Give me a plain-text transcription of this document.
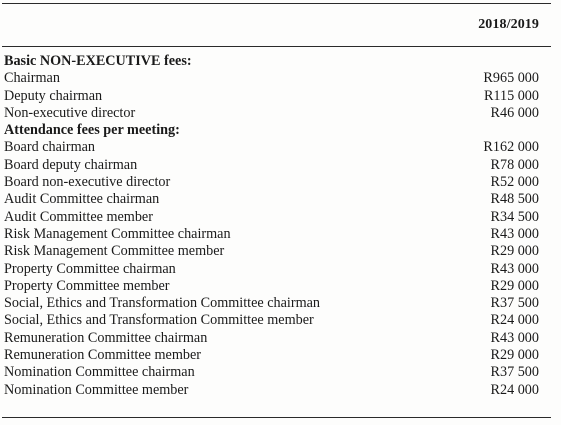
2018/2019
Basic NON-EXECUTIVE fees:
Chairman	R965 000
Deputy chairman	R115 000
Non-executive director	R46 000
Attendance fees per meeting:
Board chairman	R162 000
Board deputy chairman	R78 000
Board non-executive director	R52 000
Audit Committee chairman	R48 500
Audit Committee member	R34 500
Risk Management Committee chairman	R43 000
Risk Management Committee member	R29 000
Property Committee chairman	R43 000
Property Committee member	R29 000
Social, Ethics and Transformation Committee chairman	R37 500
Social, Ethics and Transformation Committee member	R24 000
Remuneration Committee chairman	R43 000
Remuneration Committee member	R29 000
Nomination Committee chairman	R37 500
Nomination Committee member	R24 000
